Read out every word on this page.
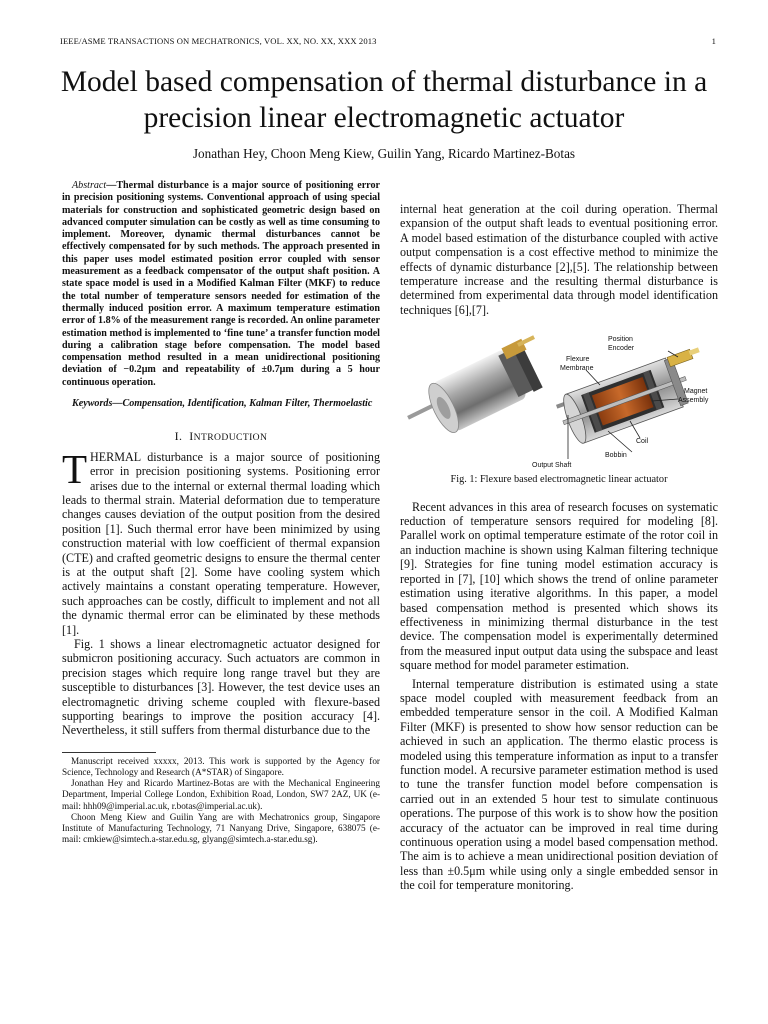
IEEE/ASME TRANSACTIONS ON MECHATRONICS, VOL. XX, NO. XX, XXX 2013	1
Model based compensation of thermal disturbance in a precision linear electromagnetic actuator
Jonathan Hey, Choon Meng Kiew, Guilin Yang, Ricardo Martinez-Botas

Abstract—Thermal disturbance is a major source of positioning error in precision positioning systems. Conventional approach of using special materials for construction and sophisticated geometric design based on advanced computer simulation can be costly as well as time consuming to implement. Moreover, dynamic thermal disturbances cannot be effectively compensated for by such methods. The approach presented in this paper uses model estimated position error coupled with sensor measurement as a feedback compensator of the output shaft position. A state space model is used in a Modified Kalman Filter (MKF) to reduce the total number of temperature sensors needed for estimation of the thermally induced position error. A maximum temperature estimation error of 1.8% of the measurement range is recorded. An online parameter estimation method is implemented to ‘fine tune’ a transfer function model during a calibration stage before compensation. The model based compensation method resulted in a mean unidirectional positioning deviation of −0.2μm and repeatability of ±0.7μm during a 5 hour continuous operation.

Keywords—Compensation, Identification, Kalman Filter, Thermoelastic

I. INTRODUCTION

THERMAL disturbance is a major source of positioning error in precision positioning systems. Positioning error arises due to the internal or external thermal loading which leads to thermal strain. Material deformation due to temperature changes causes deviation of the output position from the desired position [1]. Such thermal error have been minimized by using construction material with low coefficient of thermal expansion (CTE) and crafted geometric designs to ensure the thermal center is at the output shaft [2]. Some have cooling system which actively maintains a constant operating temperature. However, such approaches can be costly, difficult to implement and not all the dynamic thermal error can be eliminated by these methods [1].

Fig. 1 shows a linear electromagnetic actuator designed for submicron positioning accuracy. Such actuators are common in precision stages which require long range travel but they are susceptible to disturbances [3]. However, the test device uses an electromagnetic driving scheme coupled with flexure-based supporting bearings to improve the position accuracy [4]. Nevertheless, it still suffers from thermal disturbance due to the

Manuscript received xxxxx, 2013. This work is supported by the Agency for Science, Technology and Research (A*STAR) of Singapore.

Jonathan Hey and Ricardo Martinez-Botas are with the Mechanical Engineering Department, Imperial College London, Exhibition Road, London, SW7 2AZ, UK (e-mail: hhh09@imperial.ac.uk, r.botas@imperial.ac.uk).

Choon Meng Kiew and Guilin Yang are with Mechatronics group, Singapore Institute of Manufacturing Technology, 71 Nanyang Drive, Singapore, 638075 (e-mail: cmkiew@simtech.a-star.edu.sg, glyang@simtech.a-star.edu.sg).

internal heat generation at the coil during operation. Thermal expansion of the output shaft leads to eventual positioning error. A model based estimation of the disturbance coupled with active output compensation is a cost effective method to minimize the effects of dynamic disturbance [2],[5]. The relationship between temperature increase and the resulting thermal disturbance is determined from experimental data through model identification techniques [6],[7].

Position
Encoder
Flexure
Membrane
Magnet
Assembly
Coil
Bobbin
Output Shaft
Fig. 1: Flexure based electromagnetic linear actuator

Recent advances in this area of research focuses on systematic reduction of temperature sensors required for modeling [8]. Parallel work on optimal temperature estimate of the rotor coil in an induction machine is shown using Kalman filtering technique [9]. Strategies for fine tuning model estimation accuracy is reported in [7], [10] which shows the trend of online parameter estimation using iterative algorithms. In this paper, a model based compensation method is presented which shows its effectiveness in minimizing thermal disturbance in the test device. The compensation model is experimentally determined from the measured input output data using the subspace and least square method for model parameter estimation.

Internal temperature distribution is estimated using a state space model coupled with measurement feedback from an embedded temperature sensor in the coil. A Modified Kalman Filter (MKF) is presented to show how sensor reduction can be achieved in such an application. The thermo elastic process is modeled using this temperature information as input to a transfer function model. A recursive parameter estimation method is used to tune the transfer function model before compensation is carried out in an extended 5 hour test to simulate continuous operations. The purpose of this work is to show how the position accuracy of the actuator can be improved in real time during continuous operation using a model based compensation method. The aim is to achieve a mean unidirectional position deviation of less than ±0.5μm while using only a single embedded sensor in the coil for temperature monitoring.
